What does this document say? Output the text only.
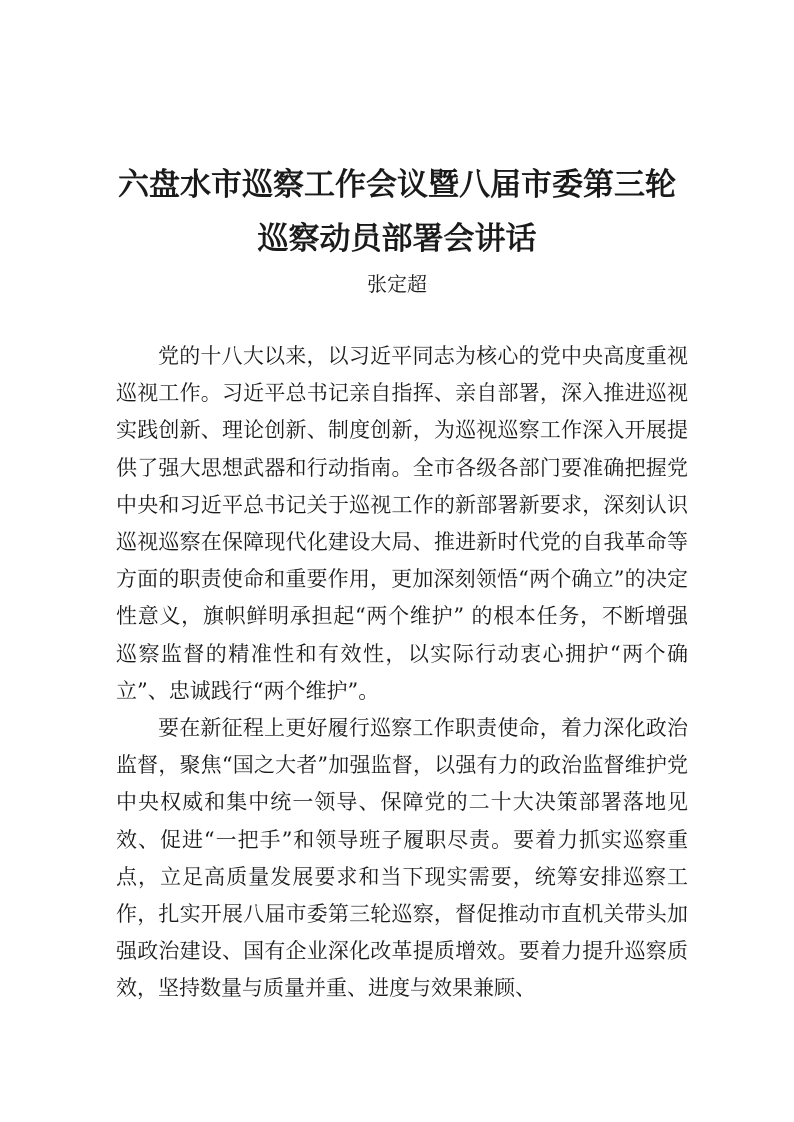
六盘水市巡察工作会议暨八届市委第三轮
巡察动员部署会讲话
张定超

党的十八大以来，以习近平同志为核心的党中央高度重视巡视工作。习近平总书记亲自指挥、亲自部署，深入推进巡视实践创新、理论创新、制度创新，为巡视巡察工作深入开展提供了强大思想武器和行动指南。全市各级各部门要准确把握党中央和习近平总书记关于巡视工作的新部署新要求，深刻认识巡视巡察在保障现代化建设大局、推进新时代党的自我革命等方面的职责使命和重要作用，更加深刻领悟“两个确立”的决定性意义，旗帜鲜明承担起“两个维护” 的根本任务，不断增强巡察监督的精准性和有效性，以实际行动衷心拥护“两个确立”、忠诚践行“两个维护”。

要在新征程上更好履行巡察工作职责使命，着力深化政治监督，聚焦“国之大者”加强监督，以强有力的政治监督维护党中央权威和集中统一领导、保障党的二十大决策部署落地见效、促进“一把手”和领导班子履职尽责。要着力抓实巡察重点，立足高质量发展要求和当下现实需要，统筹安排巡察工作，扎实开展八届市委第三轮巡察，督促推动市直机关带头加强政治建设、国有企业深化改革提质增效。要着力提升巡察质效，坚持数量与质量并重、进度与效果兼顾、
